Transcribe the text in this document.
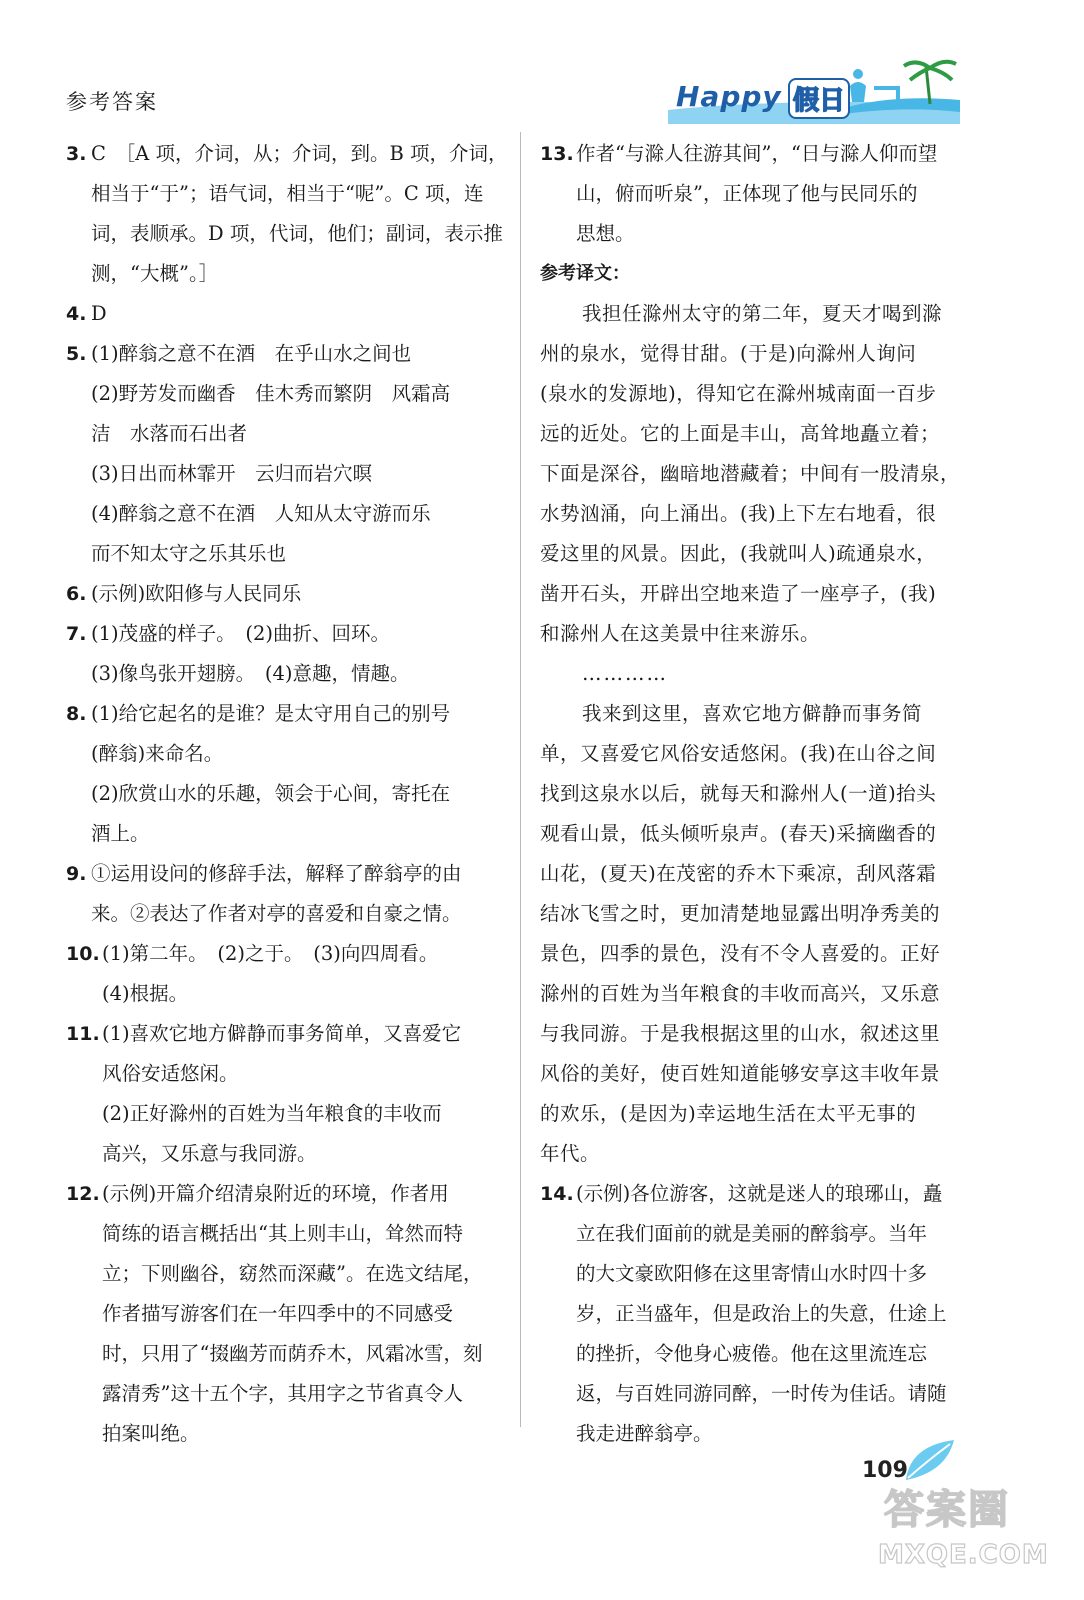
参考答案	Happy 假日
3. C　［A 项，介词，从；介词，到。B 项，介词，
相当于“于”；语气词，相当于“呢”。C 项，连
词，表顺承。D 项，代词，他们；副词，表示推
测，“大概”。］
4. D
5. (1)醉翁之意不在酒　在乎山水之间也
(2)野芳发而幽香　佳木秀而繁阴　风霜高
洁　水落而石出者
(3)日出而林霏开　云归而岩穴暝
(4)醉翁之意不在酒　人知从太守游而乐
而不知太守之乐其乐也
6. (示例)欧阳修与人民同乐
7. (1)茂盛的样子。　(2)曲折、回环。
(3)像鸟张开翅膀。　(4)意趣，情趣。
8. (1)给它起名的是谁？是太守用自己的别号
(醉翁)来命名。
(2)欣赏山水的乐趣，领会于心间，寄托在
酒上。
9. ①运用设问的修辞手法，解释了醉翁亭的由
来。②表达了作者对亭的喜爱和自豪之情。
10. (1)第二年。　(2)之于。　(3)向四周看。
(4)根据。
11. (1)喜欢它地方僻静而事务简单，又喜爱它
风俗安适悠闲。
(2)正好滁州的百姓为当年粮食的丰收而
高兴，又乐意与我同游。
12. (示例)开篇介绍清泉附近的环境，作者用
简练的语言概括出“其上则丰山，耸然而特
立；下则幽谷，窈然而深藏”。在选文结尾，
作者描写游客们在一年四季中的不同感受
时，只用了“掇幽芳而荫乔木，风霜冰雪，刻
露清秀”这十五个字，其用字之节省真令人
拍案叫绝。
13. 作者“与滁人往游其间”，“日与滁人仰而望
山，俯而听泉”，正体现了他与民同乐的
思想。
参考译文：
我担任滁州太守的第二年，夏天才喝到滁
州的泉水，觉得甘甜。(于是)向滁州人询问
(泉水的发源地)，得知它在滁州城南面一百步
远的近处。它的上面是丰山，高耸地矗立着；
下面是深谷，幽暗地潜藏着；中间有一股清泉，
水势汹涌，向上涌出。(我)上下左右地看，很
爱这里的风景。因此，(我就叫人)疏通泉水，
凿开石头，开辟出空地来造了一座亭子，(我)
和滁州人在这美景中往来游乐。
…………
我来到这里，喜欢它地方僻静而事务简
单，又喜爱它风俗安适悠闲。(我)在山谷之间
找到这泉水以后，就每天和滁州人(一道)抬头
观看山景，低头倾听泉声。(春天)采摘幽香的
山花，(夏天)在茂密的乔木下乘凉，刮风落霜
结冰飞雪之时，更加清楚地显露出明净秀美的
景色，四季的景色，没有不令人喜爱的。正好
滁州的百姓为当年粮食的丰收而高兴，又乐意
与我同游。于是我根据这里的山水，叙述这里
风俗的美好，使百姓知道能够安享这丰收年景
的欢乐，(是因为)幸运地生活在太平无事的
年代。
14. (示例)各位游客，这就是迷人的琅琊山，矗
立在我们面前的就是美丽的醉翁亭。当年
的大文豪欧阳修在这里寄情山水时四十多
岁，正当盛年，但是政治上的失意，仕途上
的挫折，令他身心疲倦。他在这里流连忘
返，与百姓同游同醉，一时传为佳话。请随
我走进醉翁亭。
109
答案圈
MXQE.COM
